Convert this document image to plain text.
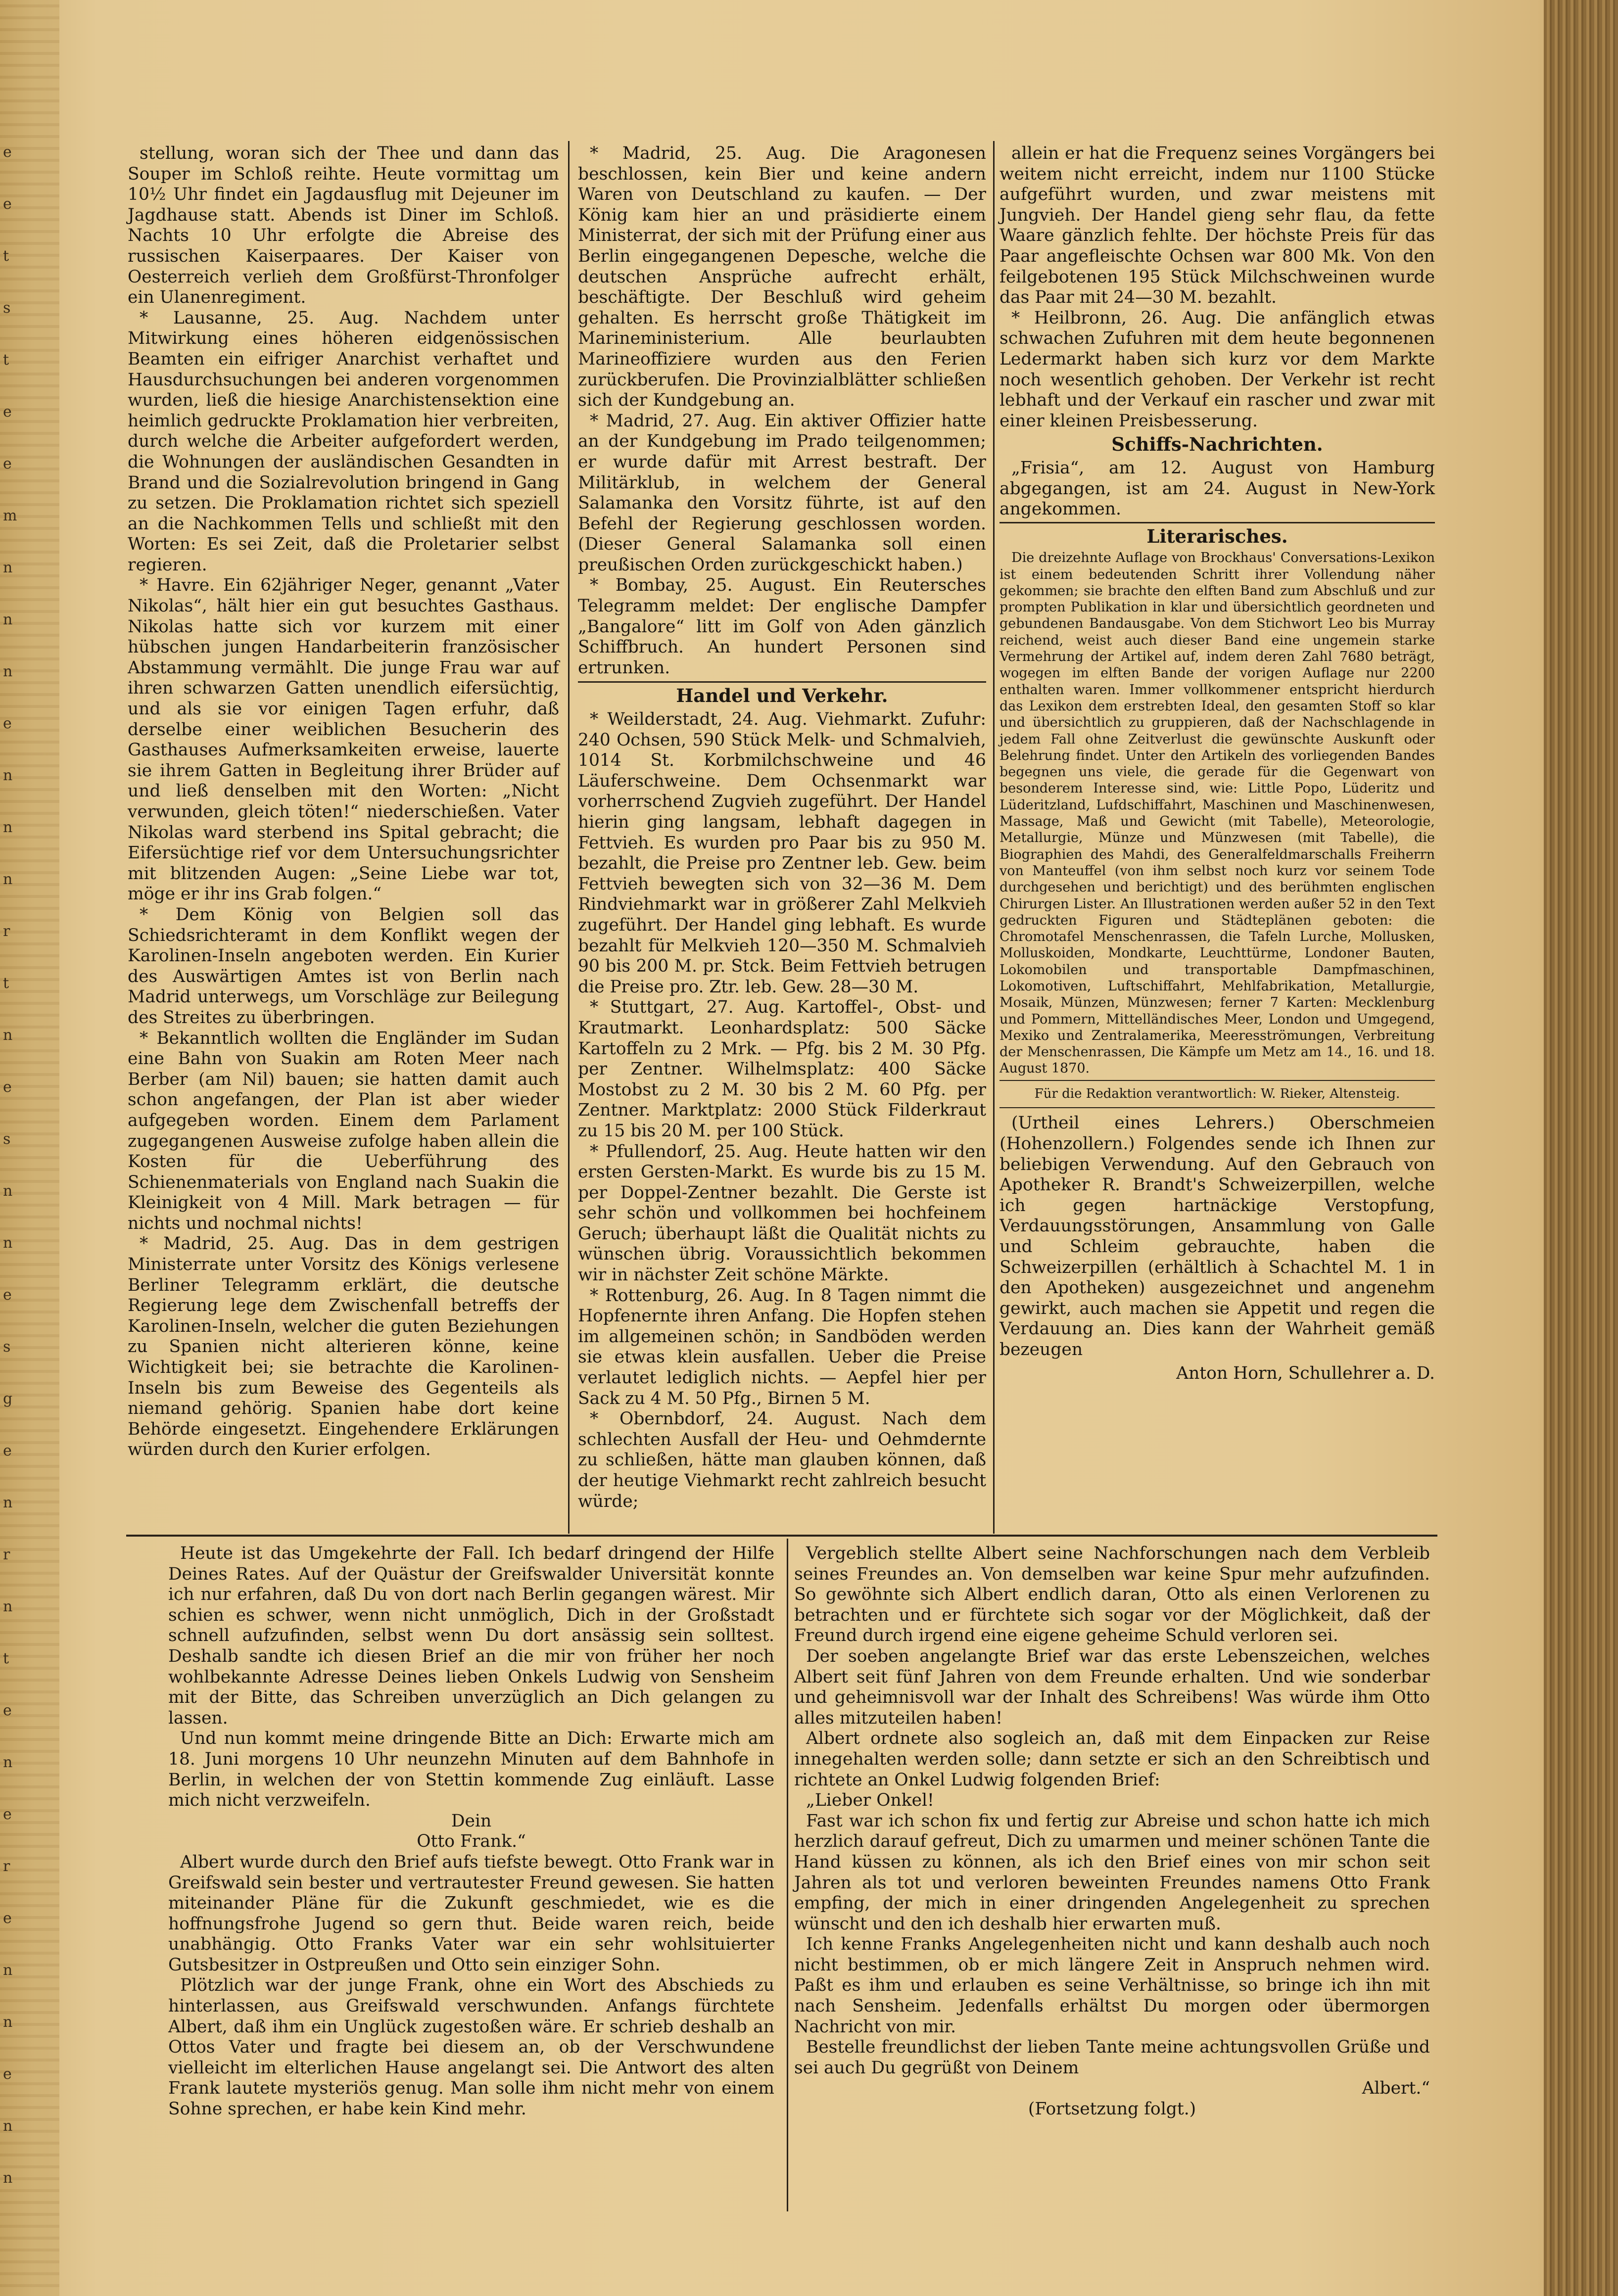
e
e
t
s
t
e
e
m
n
n
n
e
n
n
n
r
t
n
e
s
n
n
e
s
g
e
n
r
n
t
e
n
e
r
e
n
n
e
n
n

stellung, woran sich der Thee und dann das Souper im Schloß reihte. Heute vormittag um 10½ Uhr findet ein Jagdausflug mit Dejeuner im Jagdhause statt. Abends ist Diner im Schloß. Nachts 10 Uhr erfolgte die Abreise des russischen Kaiserpaares. Der Kaiser von Oesterreich verlieh dem Großfürst-Thronfolger ein Ulanenregiment.

* Lausanne, 25. Aug. Nachdem unter Mitwirkung eines höheren eidgenössischen Beamten ein eifriger Anarchist verhaftet und Hausdurchsuchungen bei anderen vorgenommen wurden, ließ die hiesige Anarchistensektion eine heimlich gedruckte Proklamation hier verbreiten, durch welche die Arbeiter aufgefordert werden, die Wohnungen der ausländischen Gesandten in Brand und die Sozialrevolution bringend in Gang zu setzen. Die Proklamation richtet sich speziell an die Nachkommen Tells und schließt mit den Worten: Es sei Zeit, daß die Proletarier selbst regieren.

* Havre. Ein 62jähriger Neger, genannt „Vater Nikolas“, hält hier ein gut besuchtes Gasthaus. Nikolas hatte sich vor kurzem mit einer hübschen jungen Handarbeiterin französischer Abstammung vermählt. Die junge Frau war auf ihren schwarzen Gatten unendlich eifersüchtig, und als sie vor einigen Tagen erfuhr, daß derselbe einer weiblichen Besucherin des Gasthauses Aufmerksamkeiten erweise, lauerte sie ihrem Gatten in Begleitung ihrer Brüder auf und ließ denselben mit den Worten: „Nicht verwunden, gleich töten!“ niederschießen. Vater Nikolas ward sterbend ins Spital gebracht; die Eifersüchtige rief vor dem Untersuchungsrichter mit blitzenden Augen: „Seine Liebe war tot, möge er ihr ins Grab folgen.“

* Dem König von Belgien soll das Schiedsrichteramt in dem Konflikt wegen der Karolinen-Inseln angeboten werden. Ein Kurier des Auswärtigen Amtes ist von Berlin nach Madrid unterwegs, um Vorschläge zur Beilegung des Streites zu überbringen.

* Bekanntlich wollten die Engländer im Sudan eine Bahn von Suakin am Roten Meer nach Berber (am Nil) bauen; sie hatten damit auch schon angefangen, der Plan ist aber wieder aufgegeben worden. Einem dem Parlament zugegangenen Ausweise zufolge haben allein die Kosten für die Ueberführung des Schienenmaterials von England nach Suakin die Kleinigkeit von 4 Mill. Mark betragen — für nichts und nochmal nichts!

* Madrid, 25. Aug. Das in dem gestrigen Ministerrate unter Vorsitz des Königs verlesene Berliner Telegramm erklärt, die deutsche Regierung lege dem Zwischenfall betreffs der Karolinen-Inseln, welcher die guten Beziehungen zu Spanien nicht alterieren könne, keine Wichtigkeit bei; sie betrachte die Karolinen-Inseln bis zum Beweise des Gegenteils als niemand gehörig. Spanien habe dort keine Behörde eingesetzt. Eingehendere Erklärungen würden durch den Kurier erfolgen.

* Madrid, 25. Aug. Die Aragonesen beschlossen, kein Bier und keine andern Waren von Deutschland zu kaufen. — Der König kam hier an und präsidierte einem Ministerrat, der sich mit der Prüfung einer aus Berlin eingegangenen Depesche, welche die deutschen Ansprüche aufrecht erhält, beschäftigte. Der Beschluß wird geheim gehalten. Es herrscht große Thätigkeit im Marineministerium. Alle beurlaubten Marineoffiziere wurden aus den Ferien zurückberufen. Die Provinzialblätter schließen sich der Kundgebung an.

* Madrid, 27. Aug. Ein aktiver Offizier hatte an der Kundgebung im Prado teilgenommen; er wurde dafür mit Arrest bestraft. Der Militärklub, in welchem der General Salamanka den Vorsitz führte, ist auf den Befehl der Regierung geschlossen worden. (Dieser General Salamanka soll einen preußischen Orden zurückgeschickt haben.)

* Bombay, 25. August. Ein Reutersches Telegramm meldet: Der englische Dampfer „Bangalore“ litt im Golf von Aden gänzlich Schiffbruch. An hundert Personen sind ertrunken.

Handel und Verkehr.

* Weilderstadt, 24. Aug. Viehmarkt. Zufuhr: 240 Ochsen, 590 Stück Melk- und Schmalvieh, 1014 St. Korbmilchschweine und 46 Läuferschweine. Dem Ochsenmarkt war vorherrschend Zugvieh zugeführt. Der Handel hierin ging langsam, lebhaft dagegen in Fettvieh. Es wurden pro Paar bis zu 950 M. bezahlt, die Preise pro Zentner leb. Gew. beim Fettvieh bewegten sich von 32—36 M. Dem Rindviehmarkt war in größerer Zahl Melkvieh zugeführt. Der Handel ging lebhaft. Es wurde bezahlt für Melkvieh 120—350 M. Schmalvieh 90 bis 200 M. pr. Stck. Beim Fettvieh betrugen die Preise pro. Ztr. leb. Gew. 28—30 M.

* Stuttgart, 27. Aug. Kartoffel-, Obst- und Krautmarkt. Leonhardsplatz: 500 Säcke Kartoffeln zu 2 Mrk. — Pfg. bis 2 M. 30 Pfg. per Zentner. Wilhelmsplatz: 400 Säcke Mostobst zu 2 M. 30 bis 2 M. 60 Pfg. per Zentner. Marktplatz: 2000 Stück Filderkraut zu 15 bis 20 M. per 100 Stück.

* Pfullendorf, 25. Aug. Heute hatten wir den ersten Gersten-Markt. Es wurde bis zu 15 M. per Doppel-Zentner bezahlt. Die Gerste ist sehr schön und vollkommen bei hochfeinem Geruch; überhaupt läßt die Qualität nichts zu wünschen übrig. Voraussichtlich bekommen wir in nächster Zeit schöne Märkte.

* Rottenburg, 26. Aug. In 8 Tagen nimmt die Hopfenernte ihren Anfang. Die Hopfen stehen im allgemeinen schön; in Sandböden werden sie etwas klein ausfallen. Ueber die Preise verlautet lediglich nichts. — Aepfel hier per Sack zu 4 M. 50 Pfg., Birnen 5 M.

* Obernbdorf, 24. August. Nach dem schlechten Ausfall der Heu- und Oehmdernte zu schließen, hätte man glauben können, daß der heutige Viehmarkt recht zahlreich besucht würde;

allein er hat die Frequenz seines Vorgängers bei weitem nicht erreicht, indem nur 1100 Stücke aufgeführt wurden, und zwar meistens mit Jungvieh. Der Handel gieng sehr flau, da fette Waare gänzlich fehlte. Der höchste Preis für das Paar angefleischte Ochsen war 800 Mk. Von den feilgebotenen 195 Stück Milchschweinen wurde das Paar mit 24—30 M. bezahlt.

* Heilbronn, 26. Aug. Die anfänglich etwas schwachen Zufuhren mit dem heute begonnenen Ledermarkt haben sich kurz vor dem Markte noch wesentlich gehoben. Der Verkehr ist recht lebhaft und der Verkauf ein rascher und zwar mit einer kleinen Preisbesserung.

Schiffs-Nachrichten.

„Frisia“, am 12. August von Hamburg abgegangen, ist am 24. August in New-York angekommen.

Literarisches.

Die dreizehnte Auflage von Brockhaus' Conversations-Lexikon ist einem bedeutenden Schritt ihrer Vollendung näher gekommen; sie brachte den elften Band zum Abschluß und zur prompten Publikation in klar und übersichtlich geordneten und gebundenen Bandausgabe. Von dem Stichwort Leo bis Murray reichend, weist auch dieser Band eine ungemein starke Vermehrung der Artikel auf, indem deren Zahl 7680 beträgt, wogegen im elften Bande der vorigen Auflage nur 2200 enthalten waren. Immer vollkommener entspricht hierdurch das Lexikon dem erstrebten Ideal, den gesamten Stoff so klar und übersichtlich zu gruppieren, daß der Nachschlagende in jedem Fall ohne Zeitverlust die gewünschte Auskunft oder Belehrung findet. Unter den Artikeln des vorliegenden Bandes begegnen uns viele, die gerade für die Gegenwart von besonderem Interesse sind, wie: Little Popo, Lüderitz und Lüderitzland, Lufdschiffahrt, Maschinen und Maschinenwesen, Massage, Maß und Gewicht (mit Tabelle), Meteorologie, Metallurgie, Münze und Münzwesen (mit Tabelle), die Biographien des Mahdi, des Generalfeldmarschalls Freiherrn von Manteuffel (von ihm selbst noch kurz vor seinem Tode durchgesehen und berichtigt) und des berühmten englischen Chirurgen Lister. An Illustrationen werden außer 52 in den Text gedruckten Figuren und Städteplänen geboten: die Chromotafel Menschenrassen, die Tafeln Lurche, Mollusken, Molluskoiden, Mondkarte, Leuchttürme, Londoner Bauten, Lokomobilen und transportable Dampfmaschinen, Lokomotiven, Luftschiffahrt, Mehlfabrikation, Metallurgie, Mosaik, Münzen, Münzwesen; ferner 7 Karten: Mecklenburg und Pommern, Mittelländisches Meer, London und Umgegend, Mexiko und Zentralamerika, Meeresströmungen, Verbreitung der Menschenrassen, Die Kämpfe um Metz am 14., 16. und 18. August 1870.

Für die Redaktion verantwortlich: W. Rieker, Altensteig.

(Urtheil eines Lehrers.) Oberschmeien (Hohenzollern.) Folgendes sende ich Ihnen zur beliebigen Verwendung. Auf den Gebrauch von Apotheker R. Brandt's Schweizerpillen, welche ich gegen hartnäckige Verstopfung, Verdauungsstörungen, Ansammlung von Galle und Schleim gebrauchte, haben die Schweizerpillen (erhältlich à Schachtel M. 1 in den Apotheken) ausgezeichnet und angenehm gewirkt, auch machen sie Appetit und regen die Verdauung an. Dies kann der Wahrheit gemäß bezeugen

Anton Horn, Schullehrer a. D.

Heute ist das Umgekehrte der Fall. Ich bedarf dringend der Hilfe Deines Rates. Auf der Quästur der Greifswalder Universität konnte ich nur erfahren, daß Du von dort nach Berlin gegangen wärest. Mir schien es schwer, wenn nicht unmöglich, Dich in der Großstadt schnell aufzufinden, selbst wenn Du dort ansässig sein solltest. Deshalb sandte ich diesen Brief an die mir von früher her noch wohlbekannte Adresse Deines lieben Onkels Ludwig von Sensheim mit der Bitte, das Schreiben unverzüglich an Dich gelangen zu lassen.

Und nun kommt meine dringende Bitte an Dich: Erwarte mich am 18. Juni morgens 10 Uhr neunzehn Minuten auf dem Bahnhofe in Berlin, in welchen der von Stettin kommende Zug einläuft. Lasse mich nicht verzweifeln.

Dein

Otto Frank.“

Albert wurde durch den Brief aufs tiefste bewegt. Otto Frank war in Greifswald sein bester und vertrautester Freund gewesen. Sie hatten miteinander Pläne für die Zukunft geschmiedet, wie es die hoffnungsfrohe Jugend so gern thut. Beide waren reich, beide unabhängig. Otto Franks Vater war ein sehr wohlsituierter Gutsbesitzer in Ostpreußen und Otto sein einziger Sohn.

Plötzlich war der junge Frank, ohne ein Wort des Abschieds zu hinterlassen, aus Greifswald verschwunden. Anfangs fürchtete Albert, daß ihm ein Unglück zugestoßen wäre. Er schrieb deshalb an Ottos Vater und fragte bei diesem an, ob der Verschwundene vielleicht im elterlichen Hause angelangt sei. Die Antwort des alten Frank lautete mysteriös genug. Man solle ihm nicht mehr von einem Sohne sprechen, er habe kein Kind mehr.

Vergeblich stellte Albert seine Nachforschungen nach dem Verbleib seines Freundes an. Von demselben war keine Spur mehr aufzufinden. So gewöhnte sich Albert endlich daran, Otto als einen Verlorenen zu betrachten und er fürchtete sich sogar vor der Möglichkeit, daß der Freund durch irgend eine eigene geheime Schuld verloren sei.

Der soeben angelangte Brief war das erste Lebenszeichen, welches Albert seit fünf Jahren von dem Freunde erhalten. Und wie sonderbar und geheimnisvoll war der Inhalt des Schreibens! Was würde ihm Otto alles mitzuteilen haben!

Albert ordnete also sogleich an, daß mit dem Einpacken zur Reise innegehalten werden solle; dann setzte er sich an den Schreibtisch und richtete an Onkel Ludwig folgenden Brief:

„Lieber Onkel!

Fast war ich schon fix und fertig zur Abreise und schon hatte ich mich herzlich darauf gefreut, Dich zu umarmen und meiner schönen Tante die Hand küssen zu können, als ich den Brief eines von mir schon seit Jahren als tot und verloren beweinten Freundes namens Otto Frank empfing, der mich in einer dringenden Angelegenheit zu sprechen wünscht und den ich deshalb hier erwarten muß.

Ich kenne Franks Angelegenheiten nicht und kann deshalb auch noch nicht bestimmen, ob er mich längere Zeit in Anspruch nehmen wird. Paßt es ihm und erlauben es seine Verhältnisse, so bringe ich ihn mit nach Sensheim. Jedenfalls erhältst Du morgen oder übermorgen Nachricht von mir.

Bestelle freundlichst der lieben Tante meine achtungsvollen Grüße und sei auch Du gegrüßt von Deinem

Albert.“

(Fortsetzung folgt.)
